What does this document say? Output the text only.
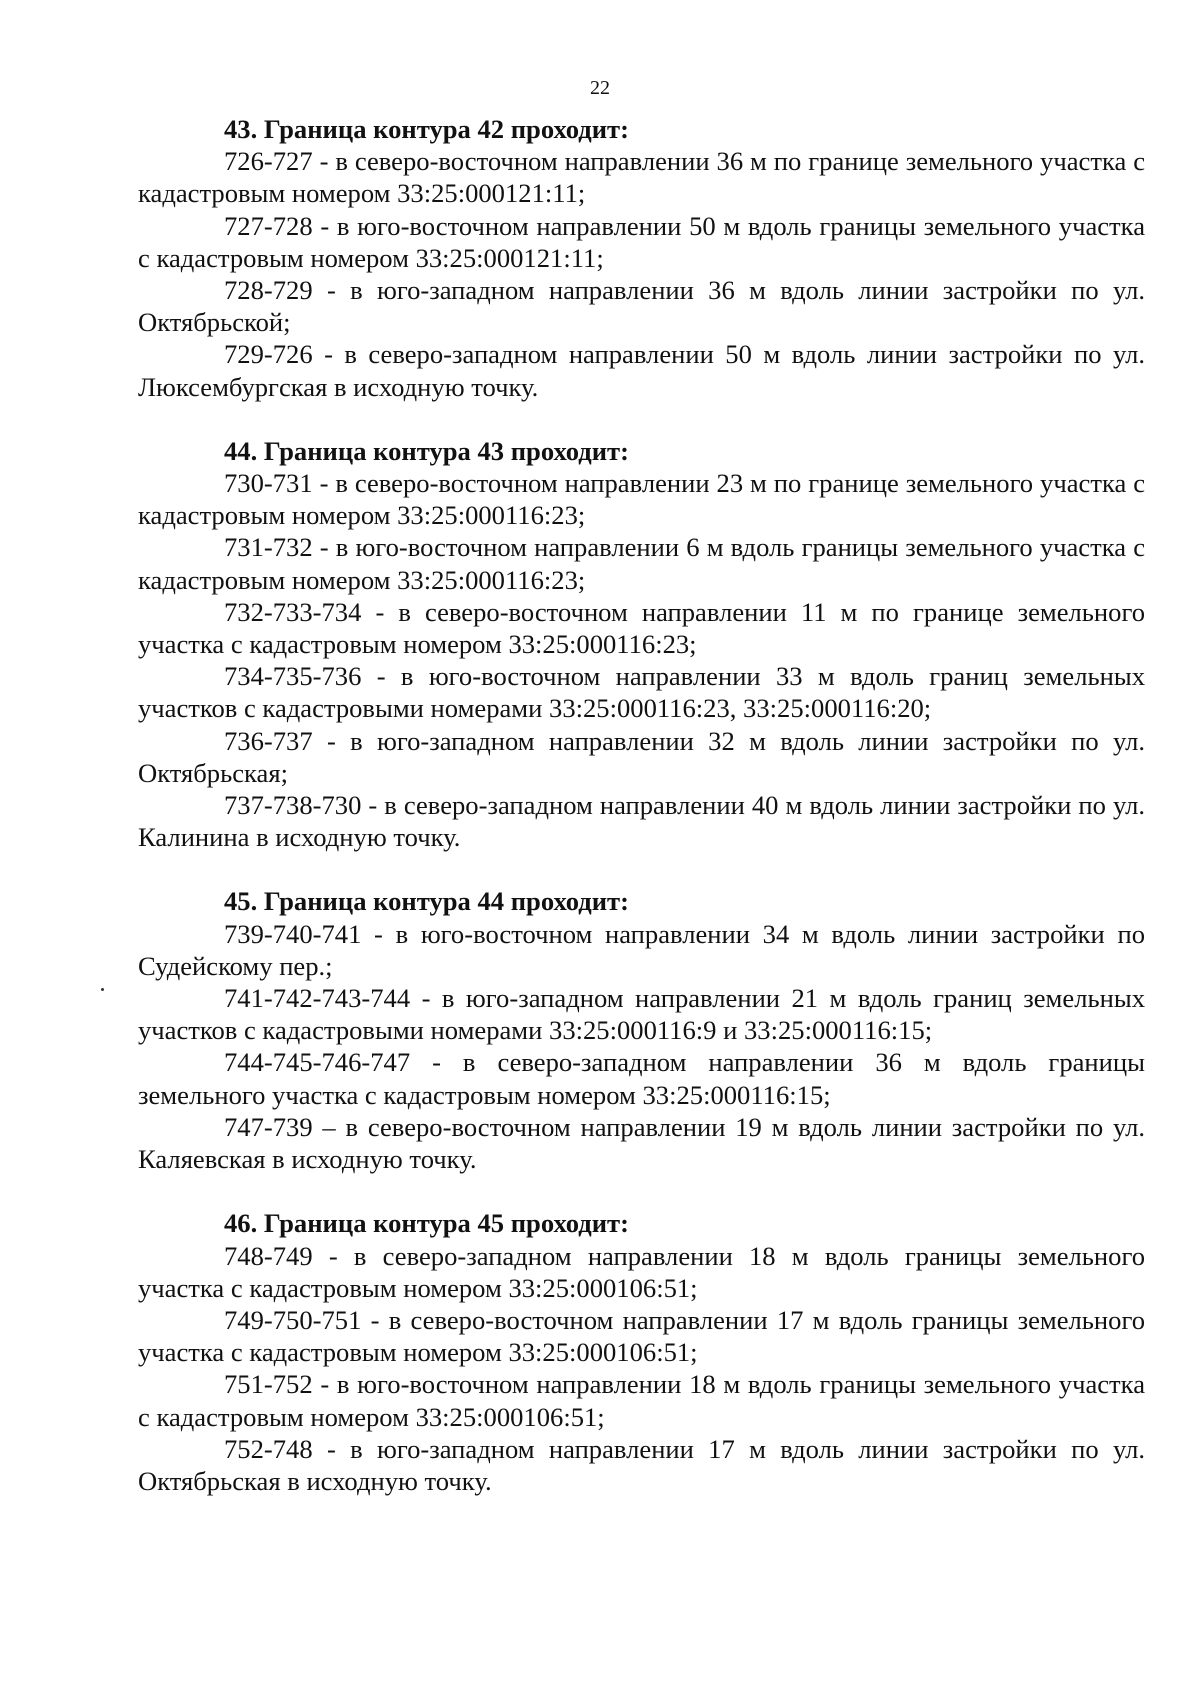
22
43. Граница контура 42 проходит:

726-727 - в северо-восточном направлении 36 м по границе земельного участка с кадастровым номером 33:25:000121:11;

727-728 - в юго-восточном направлении 50 м вдоль границы земельного участка с кадастровым номером 33:25:000121:11;

728-729 - в юго-западном направлении 36 м вдоль линии застройки по ул. Октябрьской;

729-726 - в северо-западном направлении 50 м вдоль линии застройки по ул. Люксембургская в исходную точку.

44. Граница контура 43 проходит:

730-731 - в северо-восточном направлении 23 м по границе земельного участка с кадастровым номером 33:25:000116:23;

731-732 - в юго-восточном направлении 6 м вдоль границы земельного участка с кадастровым номером 33:25:000116:23;

732-733-734 - в северо-восточном направлении 11 м по границе земельного участка с кадастровым номером 33:25:000116:23;

734-735-736 - в юго-восточном направлении 33 м вдоль границ земельных участков с кадастровыми номерами 33:25:000116:23, 33:25:000116:20;

736-737 - в юго-западном направлении 32 м вдоль линии застройки по ул. Октябрьская;

737-738-730 - в северо-западном направлении 40 м вдоль линии застройки по ул. Калинина в исходную точку.

45. Граница контура 44 проходит:

739-740-741 - в юго-восточном направлении 34 м вдоль линии застройки по Судейскому пер.;

741-742-743-744 - в юго-западном направлении 21 м вдоль границ земельных участков с кадастровыми номерами 33:25:000116:9 и 33:25:000116:15;

744-745-746-747 - в северо-западном направлении 36 м вдоль границы земельного участка с кадастровым номером 33:25:000116:15;

747-739 – в северо-восточном направлении 19 м вдоль линии застройки по ул. Каляевская в исходную точку.

46. Граница контура 45 проходит:

748-749 - в северо-западном направлении 18 м вдоль границы земельного участка с кадастровым номером 33:25:000106:51;

749-750-751 - в северо-восточном направлении 17 м вдоль границы земельного участка с кадастровым номером 33:25:000106:51;

751-752 - в юго-восточном направлении 18 м вдоль границы земельного участка с кадастровым номером 33:25:000106:51;

752-748 - в юго-западном направлении 17 м вдоль линии застройки по ул. Октябрьская в исходную точку.
